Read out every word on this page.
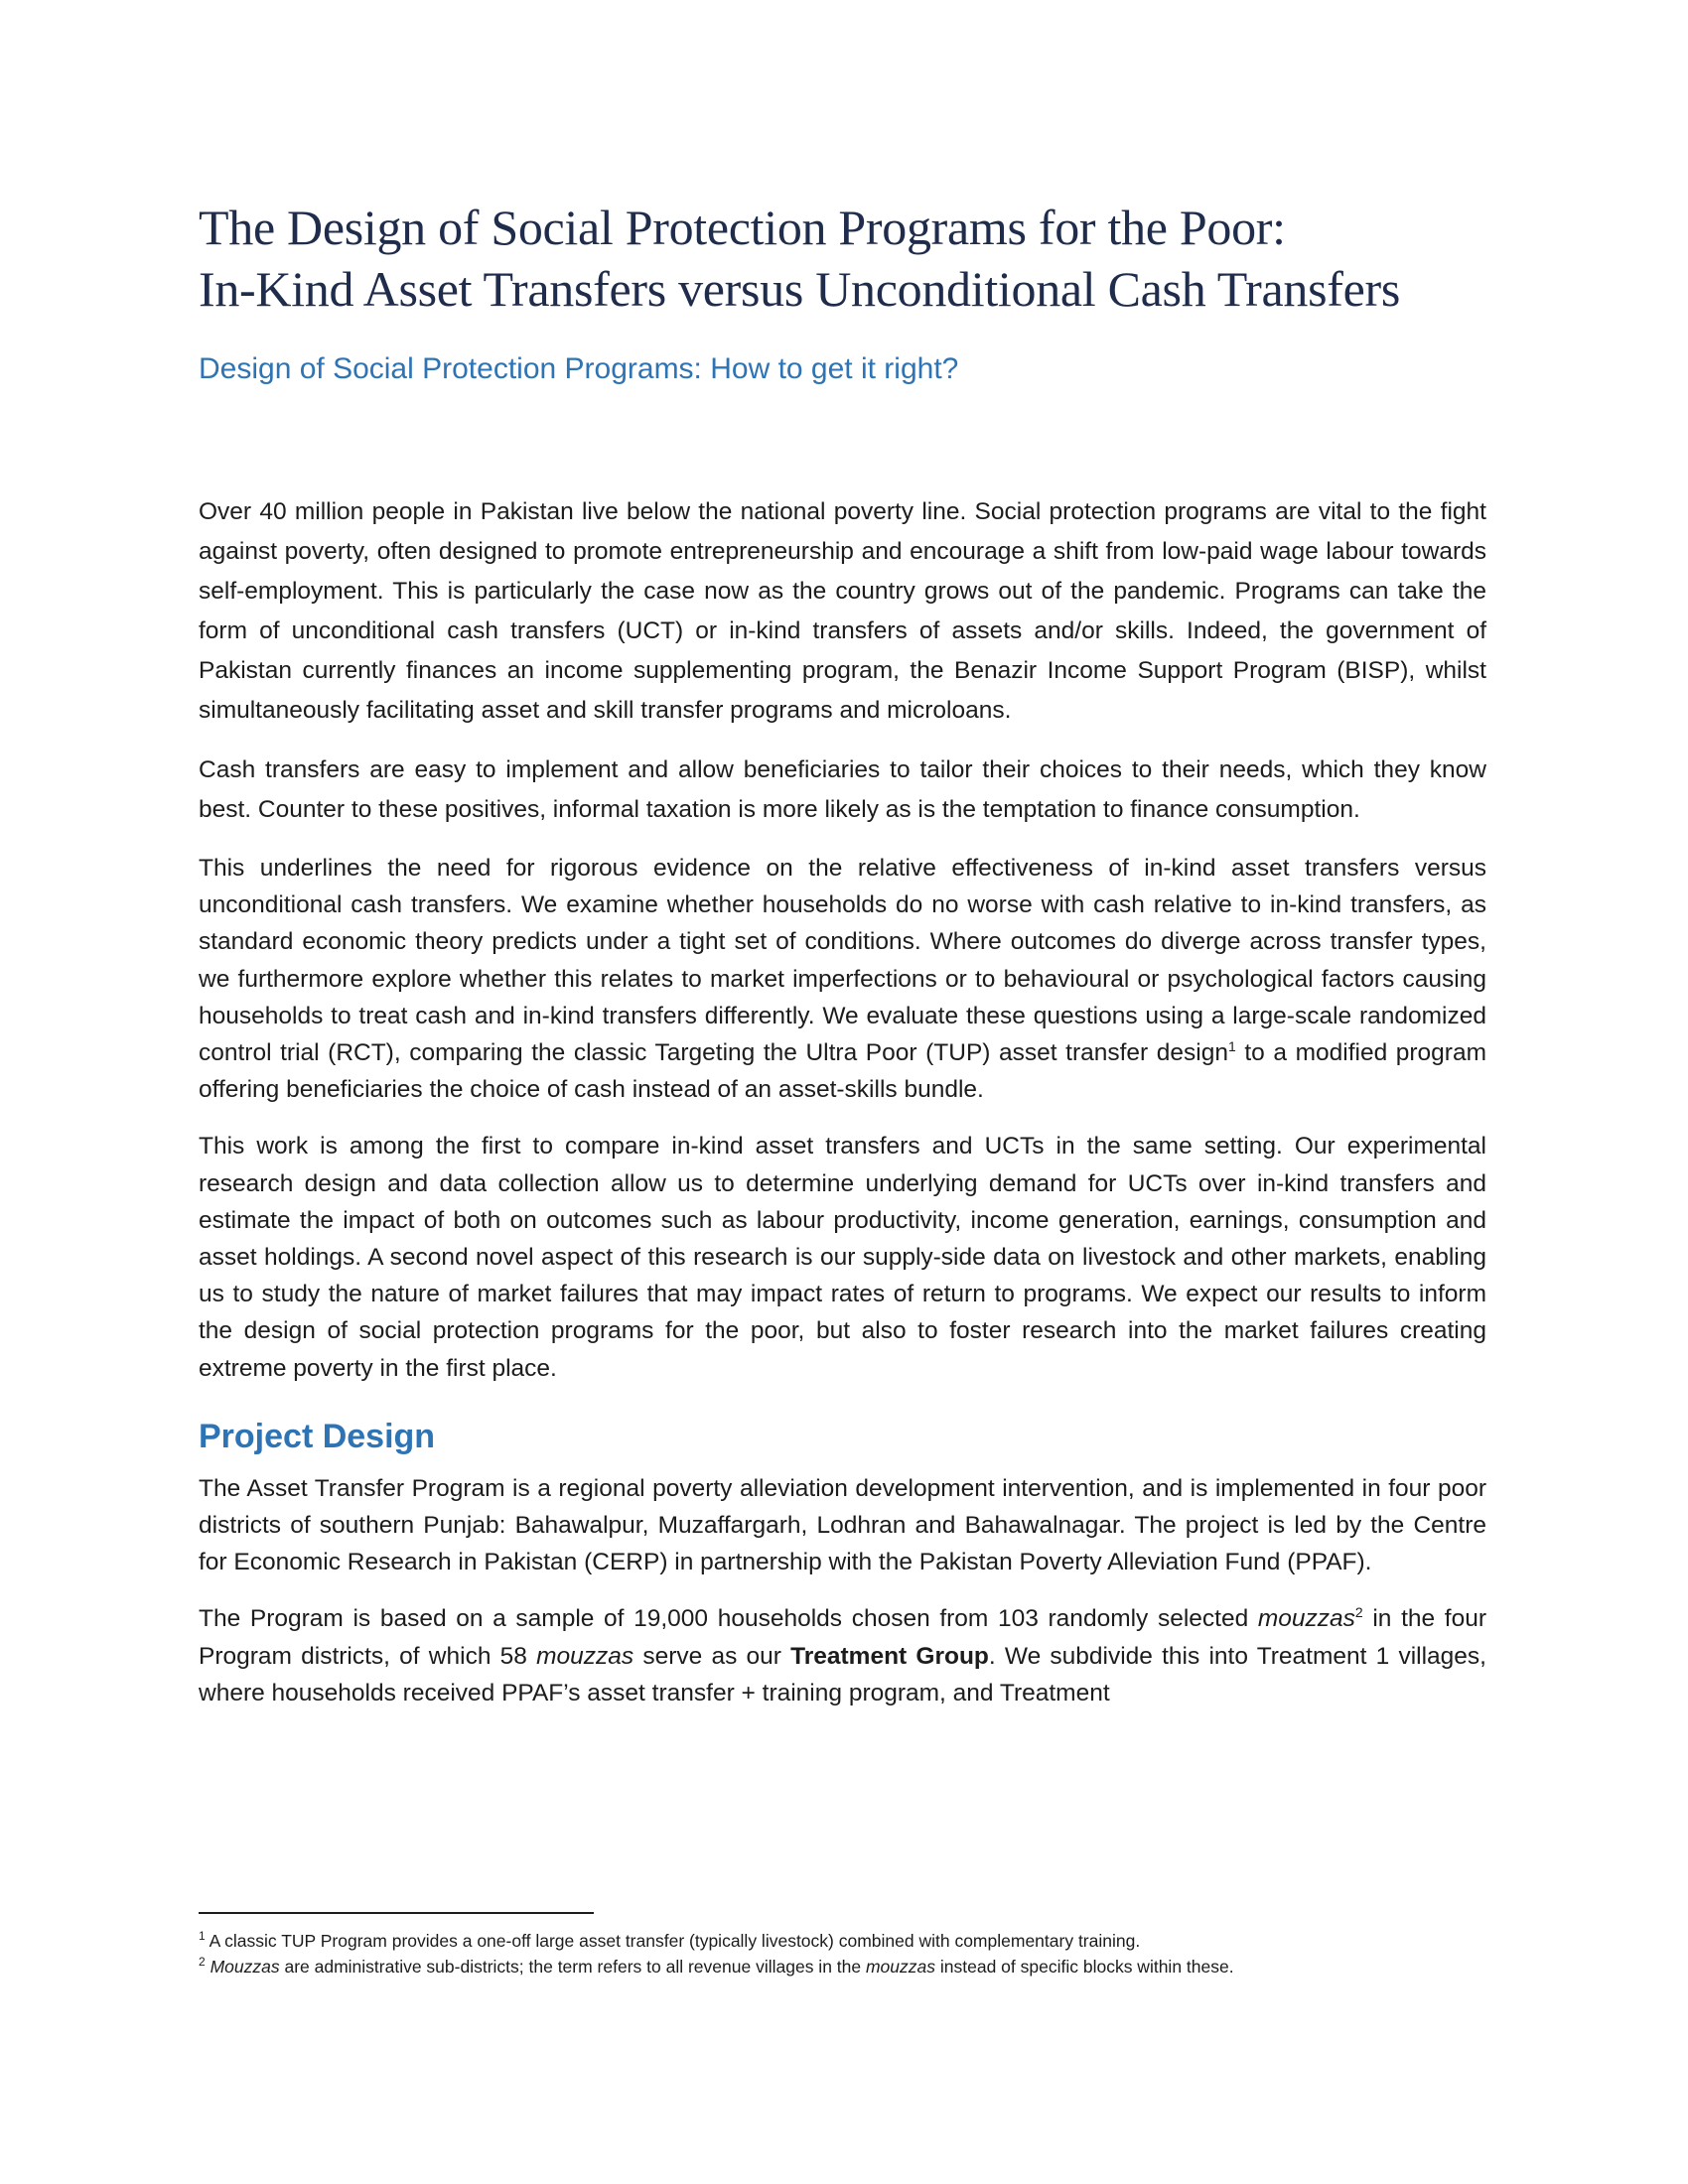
The Design of Social Protection Programs for the Poor:
In-Kind Asset Transfers versus Unconditional Cash Transfers
Design of Social Protection Programs: How to get it right?

Over 40 million people in Pakistan live below the national poverty line. Social protection programs are vital to the fight against poverty, often designed to promote entrepreneurship and encourage a shift from low-paid wage labour towards self-employment. This is particularly the case now as the country grows out of the pandemic. Programs can take the form of unconditional cash transfers (UCT) or in-kind transfers of assets and/or skills. Indeed, the government of Pakistan currently finances an income supplementing program, the Benazir Income Support Program (BISP), whilst simultaneously facilitating asset and skill transfer programs and microloans.

Cash transfers are easy to implement and allow beneficiaries to tailor their choices to their needs, which they know best. Counter to these positives, informal taxation is more likely as is the temptation to finance consumption.

This underlines the need for rigorous evidence on the relative effectiveness of in-kind asset transfers versus unconditional cash transfers. We examine whether households do no worse with cash relative to in-kind transfers, as standard economic theory predicts under a tight set of conditions. Where outcomes do diverge across transfer types, we furthermore explore whether this relates to market imperfections or to behavioural or psychological factors causing households to treat cash and in-kind transfers differently. We evaluate these questions using a large-scale randomized control trial (RCT), comparing the classic Targeting the Ultra Poor (TUP) asset transfer design$^1$ to a modified program offering beneficiaries the choice of cash instead of an asset-skills bundle.

This work is among the first to compare in-kind asset transfers and UCTs in the same setting. Our experimental research design and data collection allow us to determine underlying demand for UCTs over in-kind transfers and estimate the impact of both on outcomes such as labour productivity, income generation, earnings, consumption and asset holdings. A second novel aspect of this research is our supply-side data on livestock and other markets, enabling us to study the nature of market failures that may impact rates of return to programs. We expect our results to inform the design of social protection programs for the poor, but also to foster research into the market failures creating extreme poverty in the first place.

Project Design

The Asset Transfer Program is a regional poverty alleviation development intervention, and is implemented in four poor districts of southern Punjab: Bahawalpur, Muzaffargarh, Lodhran and Bahawalnagar. The project is led by the Centre for Economic Research in Pakistan (CERP) in partnership with the Pakistan Poverty Alleviation Fund (PPAF).

The Program is based on a sample of 19,000 households chosen from 103 randomly selected mouzzas$^2$ in the four Program districts, of which 58 mouzzas serve as our Treatment Group. We subdivide this into Treatment 1 villages, where households received PPAF’s asset transfer + training program, and Treatment

$^1$ A classic TUP Program provides a one-off large asset transfer (typically livestock) combined with complementary training.

$^2$ Mouzzas are administrative sub-districts; the term refers to all revenue villages in the mouzzas instead of specific blocks within these.
